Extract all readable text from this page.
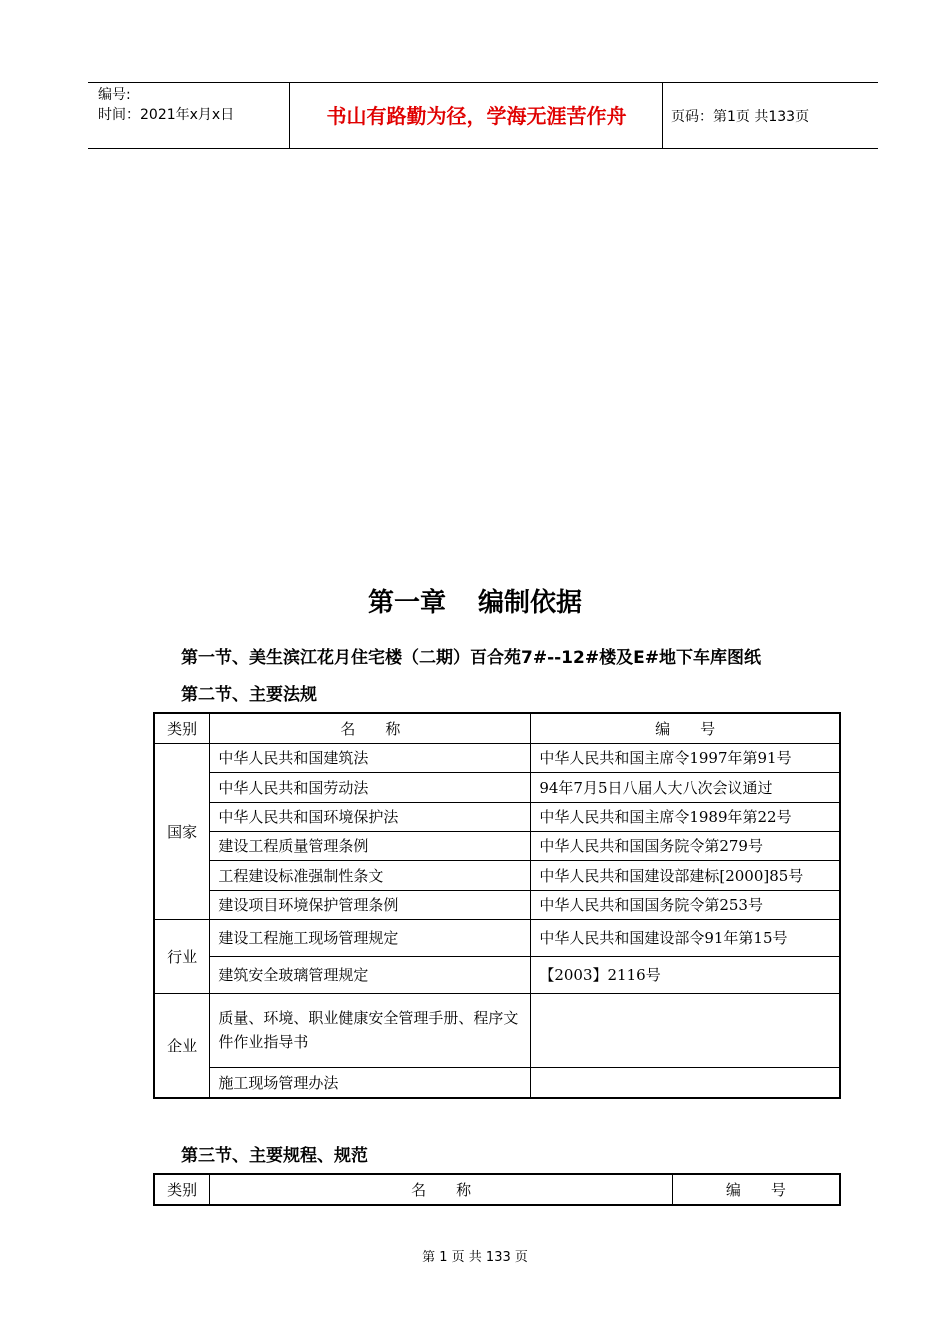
编号:
时间：2021年x月x日	书山有路勤为径，学海无涯苦作舟	页码：第1页 共133页
第一章 编制依据
第一节、美生滨江花月住宅楼（二期）百合苑7#--12#楼及E#地下车库图纸
第二节、主要法规
类别	名　　称	编　　号
国家	中华人民共和国建筑法	中华人民共和国主席令1997年第91号
	中华人民共和国劳动法	94年7月5日八届人大八次会议通过
	中华人民共和国环境保护法	中华人民共和国主席令1989年第22号
	建设工程质量管理条例	中华人民共和国国务院令第279号
	工程建设标准强制性条文	中华人民共和国建设部建标[2000]85号
	建设项目环境保护管理条例	中华人民共和国国务院令第253号
行业	建设工程施工现场管理规定	中华人民共和国建设部令91年第15号
	建筑安全玻璃管理规定	【2003】2116号
企业	质量、环境、职业健康安全管理手册、程序文件作业指导书	
	施工现场管理办法	
第三节、主要规程、规范
类别	名　　称	编　　号
第 1 页 共 133 页
